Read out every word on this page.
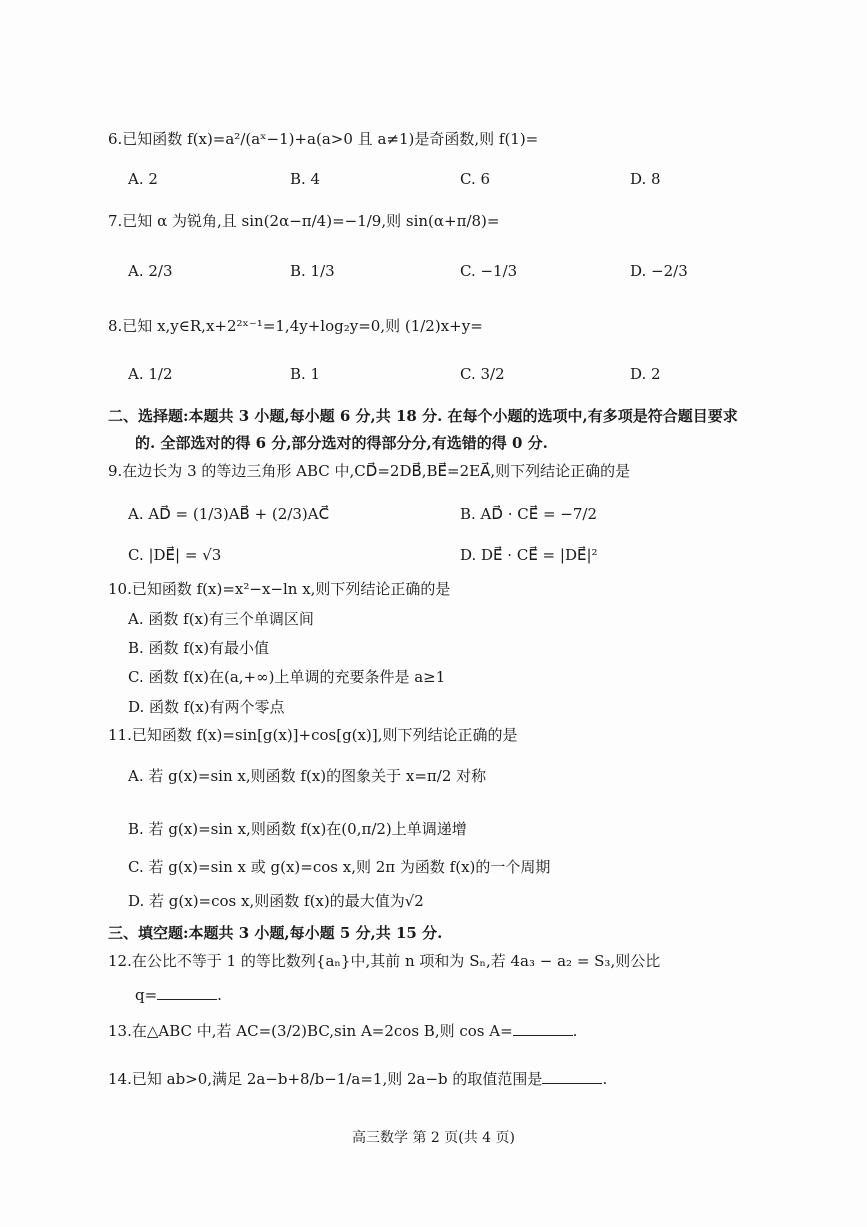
6.已知函数 f(x)=a²/(aˣ−1)+a(a>0 且 a≠1)是奇函数,则 f(1)=
A. 2	B. 4	C. 6	D. 8
7.已知 α 为锐角,且 sin(2α−π/4)=−1/9,则 sin(α+π/8)=
A. 2/3	B. 1/3	C. −1/3	D. −2/3
8.已知 x,y∈R,x+2²ˣ⁻¹=1,4y+log₂y=0,则 (1/2)x+y=
A. 1/2	B. 1	C. 3/2	D. 2
二、选择题:本题共 3 小题,每小题 6 分,共 18 分. 在每个小题的选项中,有多项是符合题目要求
的. 全部选对的得 6 分,部分选对的得部分分,有选错的得 0 分.
9.在边长为 3 的等边三角形 ABC 中,CD⃗=2DB⃗,BE⃗=2EA⃗,则下列结论正确的是
A. AD⃗ = (1/3)AB⃗ + (2/3)AC⃗	B. AD⃗ · CE⃗ = −7/2
C. |DE⃗| = √3	D. DE⃗ · CE⃗ = |DE⃗|²
10.已知函数 f(x)=x²−x−ln x,则下列结论正确的是
A. 函数 f(x)有三个单调区间
B. 函数 f(x)有最小值
C. 函数 f(x)在(a,+∞)上单调的充要条件是 a≥1
D. 函数 f(x)有两个零点
11.已知函数 f(x)=sin[g(x)]+cos[g(x)],则下列结论正确的是
A. 若 g(x)=sin x,则函数 f(x)的图象关于 x=π/2 对称
B. 若 g(x)=sin x,则函数 f(x)在(0,π/2)上单调递增
C. 若 g(x)=sin x 或 g(x)=cos x,则 2π 为函数 f(x)的一个周期
D. 若 g(x)=cos x,则函数 f(x)的最大值为√2
三、填空题:本题共 3 小题,每小题 5 分,共 15 分.
12.在公比不等于 1 的等比数列{aₙ}中,其前 n 项和为 Sₙ,若 4a₃ − a₂ = S₃,则公比
q=	.
13.在△ABC 中,若 AC=(3/2)BC,sin A=2cos B,则 cos A=	.
14.已知 ab>0,满足 2a−b+8/b−1/a=1,则 2a−b 的取值范围是	.
高三数学 第 2 页(共 4 页)
